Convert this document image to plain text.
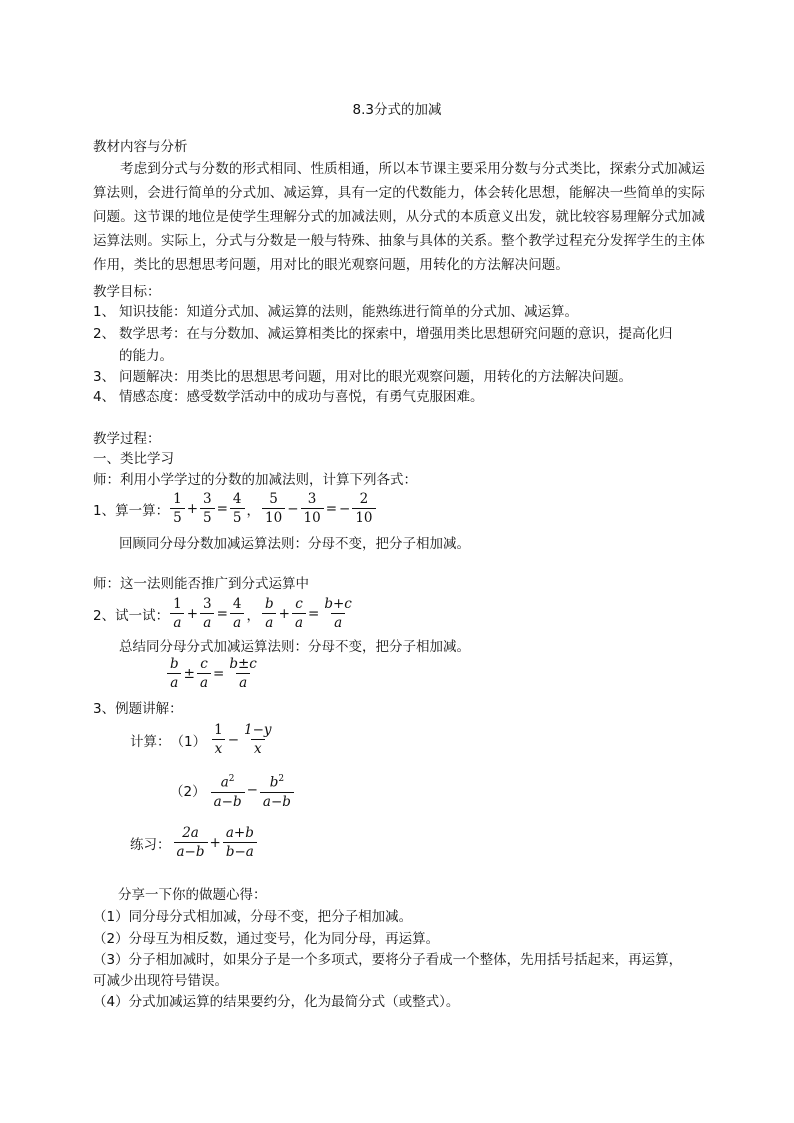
8.3分式的加减
教材内容与分析
考虑到分式与分数的形式相同、性质相通，所以本节课主要采用分数与分式类比，探索分式加减运算法则，会进行简单的分式加、减运算，具有一定的代数能力，体会转化思想，能解决一些简单的实际问题。这节课的地位是使学生理解分式的加减法则，从分式的本质意义出发，就比较容易理解分式加减运算法则。实际上，分式与分数是一般与特殊、抽象与具体的关系。整个教学过程充分发挥学生的主体作用，类比的思想思考问题，用对比的眼光观察问题，用转化的方法解决问题。
教学目标：
1、 知识技能：知道分式加、减运算的法则，能熟练进行简单的分式加、减运算。
2、 数学思考：在与分数加、减运算相类比的探索中，增强用类比思想研究问题的意识，提高化归
的能力。
3、 问题解决：用类比的思想思考问题，用对比的眼光观察问题，用转化的方法解决问题。
4、 情感态度：感受数学活动中的成功与喜悦，有勇气克服困难。
教学过程：
一、类比学习
师：利用小学学过的分数的加减法则，计算下列各式：
1、算一算： $\frac{1}{5} + \frac{3}{5} = \frac{4}{5}$ ， $\frac{5}{10} - \frac{3}{10}$ = − $\frac{2}{10}$
回顾同分母分数加减运算法则：分母不变，把分子相加减。
师：这一法则能否推广到分式运算中
2、试一试： $\frac{1}{a} + \frac{3}{a} = \frac{4}{a}$ ， $\frac{b}{a} + \frac{c}{a} = \frac{b+c}{a}$
总结同分母分式加减运算法则：分母不变，把分子相加减。
$\frac{b}{a} \pm \frac{c}{a} = \frac{b\pm c}{a}$
3、例题讲解：
计算： $(1) \frac{1}{x} - \frac{1-y}{x}$
$(2) \frac{a^2}{a-b} - \frac{b^2}{a-b}$
练习： $\frac{2a}{a-b} + \frac{a+b}{b-a}$
分享一下你的做题心得：
（1）同分母分式相加减，分母不变，把分子相加减。
（2）分母互为相反数，通过变号，化为同分母，再运算。
（3）分子相加减时，如果分子是一个多项式，要将分子看成一个整体，先用括号括起来，再运算，
可减少出现符号错误。
（4）分式加减运算的结果要约分，化为最简分式（或整式）。
